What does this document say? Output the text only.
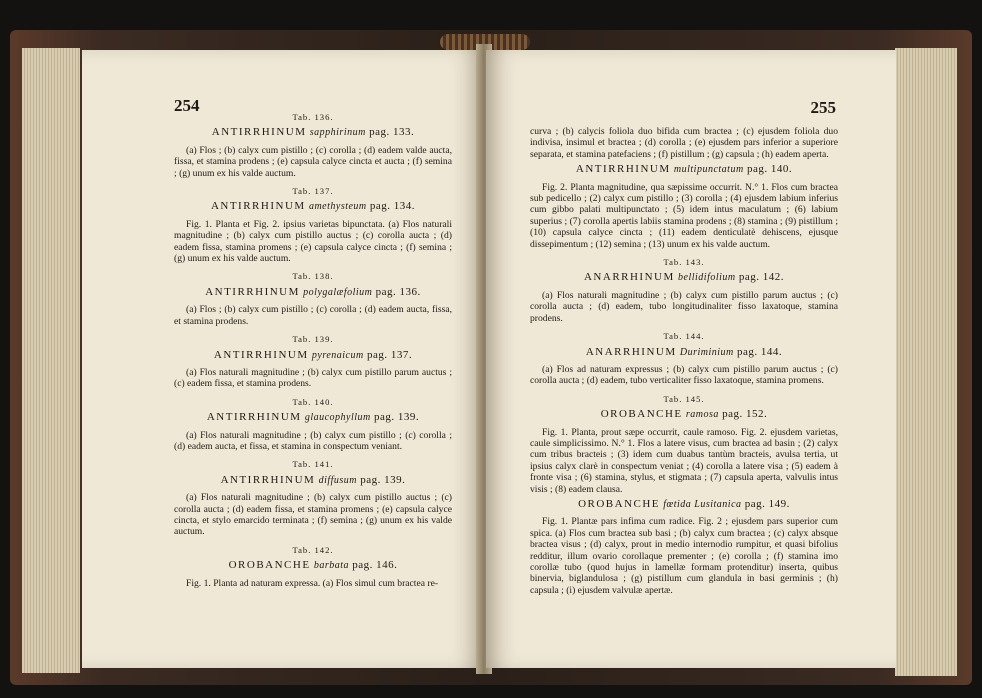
254
Tab. 136.
ANTIRRHINUM sapphirinum pag. 133.

(a) Flos ; (b) calyx cum pistillo ; (c) corolla ; (d) eadem valde aucta, fissa, et stamina prodens ; (e) capsula calyce cincta et aucta ; (f) semina ; (g) unum ex his valde auctum.

Tab. 137.
ANTIRRHINUM amethysteum pag. 134.

Fig. 1. Planta et Fig. 2. ipsius varietas bipunctata. (a) Flos naturali magnitudine ; (b) calyx cum pistillo auctus ; (c) corolla aucta ; (d) eadem fissa, stamina promens ; (e) capsula calyce cincta ; (f) semina ; (g) unum ex his valde auctum.

Tab. 138.
ANTIRRHINUM polygalæfolium pag. 136.

(a) Flos ; (b) calyx cum pistillo ; (c) corolla ; (d) eadem aucta, fissa, et stamina prodens.

Tab. 139.
ANTIRRHINUM pyrenaicum pag. 137.

(a) Flos naturali magnitudine ; (b) calyx cum pistillo parum auctus ; (c) eadem fissa, et stamina prodens.

Tab. 140.
ANTIRRHINUM glaucophyllum pag. 139.

(a) Flos naturali magnitudine ; (b) calyx cum pistillo ; (c) corolla ; (d) eadem aucta, et fissa, et stamina in conspectum veniant.

Tab. 141.
ANTIRRHINUM diffusum pag. 139.

(a) Flos naturali magnitudine ; (b) calyx cum pistillo auctus ; (c) corolla aucta ; (d) eadem fissa, et stamina promens ; (e) capsula calyce cincta, et stylo emarcido terminata ; (f) semina ; (g) unum ex his valde auctum.

Tab. 142.
OROBANCHE barbata pag. 146.

Fig. 1. Planta ad naturam expressa. (a) Flos simul cum bractea re-

255

curva ; (b) calycis foliola duo bifida cum bractea ; (c) ejusdem foliola duo indivisa, insimul et bractea ; (d) corolla ; (e) ejusdem pars inferior a superiore separata, et stamina patefaciens ; (f) pistillum ; (g) capsula ; (h) eadem aperta.

ANTIRRHINUM multipunctatum pag. 140.

Fig. 2. Planta magnitudine, qua sæpissime occurrit. N.° 1. Flos cum bractea sub pedicello ; (2) calyx cum pistillo ; (3) corolla ; (4) ejusdem labium inferius cum gibbo palati multipunctato ; (5) idem intus maculatum ; (6) labium superius ; (7) corolla apertis labiis stamina prodens ; (8) stamina ; (9) pistillum ; (10) capsula calyce cincta ; (11) eadem denticulatè dehiscens, ejusque dissepimentum ; (12) semina ; (13) unum ex his valde auctum.

Tab. 143.
ANARRHINUM bellidifolium pag. 142.

(a) Flos naturali magnitudine ; (b) calyx cum pistillo parum auctus ; (c) corolla aucta ; (d) eadem, tubo longitudinaliter fisso laxatoque, stamina prodens.

Tab. 144.
ANARRHINUM Duriminium pag. 144.

(a) Flos ad naturam expressus ; (b) calyx cum pistillo parum auctus ; (c) corolla aucta ; (d) eadem, tubo verticaliter fisso laxatoque, stamina promens.

Tab. 145.
OROBANCHE ramosa pag. 152.

Fig. 1. Planta, prout sæpe occurrit, caule ramoso. Fig. 2. ejusdem varietas, caule simplicissimo. N.° 1. Flos a latere visus, cum bractea ad basin ; (2) calyx cum tribus bracteis ; (3) idem cum duabus tantùm bracteis, avulsa tertia, ut ipsius calyx clarè in conspectum veniat ; (4) corolla a latere visa ; (5) eadem à fronte visa ; (6) stamina, stylus, et stigmata ; (7) capsula aperta, valvulis intus visis ; (8) eadem clausa.

OROBANCHE fœtida Lusitanica pag. 149.

Fig. 1. Plantæ pars infima cum radice. Fig. 2 ; ejusdem pars superior cum spica. (a) Flos cum bractea sub basi ; (b) calyx cum bractea ; (c) calyx absque bractea visus ; (d) calyx, prout in medio internodio rumpitur, et quasi bifolius redditur, illum ovario corollaque prementer ; (e) corolla ; (f) stamina imo corollæ tubo (quod hujus in lamellæ formam protenditur) inserta, quibus binervia, biglandulosa ; (g) pistillum cum glandula in basi germinis ; (h) capsula ; (i) ejusdem valvulæ apertæ.
